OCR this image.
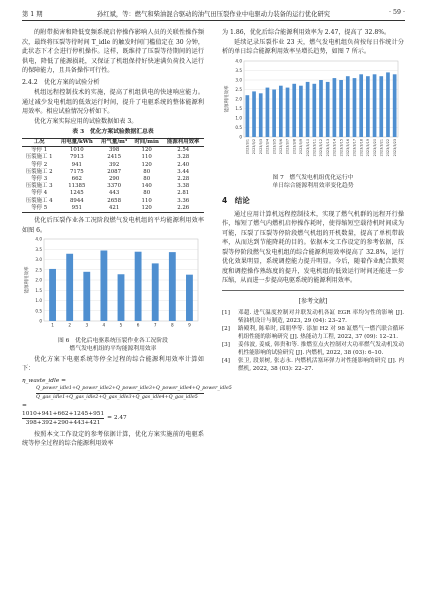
第 1 期	孙红斌，等：燃气和柴油混合驱动的油气田压裂作业中电驱动力装备的运行优化研究	· 59 ·

的附带损害和降低变频系统启停操作影响人员的关联性操作频次，最终将压裂等待时间 T_idle 的触发时间门槛值定在 30 分钟，此状态下才会进行停机操作。这样，既维持了压裂等待期间的运行供电，降低了能源损耗，又保证了机组保持好快速满负荷投入运行的保障能力，且具备操作可行性。

2.4.2　优化方案的试验分析

机组远程控制技术的实施，提高了机组供电的快速响应能力。通过减少发电机组的低效运行时间，提升了电驱系统的整体能源利用效率。相应试验情况分析如下。

优化方案实际应用的试验数据如表 3。

表 3　优化方案试验数据汇总表
工况	用电量/kWh	用气量/m³	时间/min	能源利用效率
等停 1	1010	398	120	2.54
压裂施工 1	7913	2415	110	3.28
等停 2	941	392	120	2.40
压裂施工 2	7175	2087	80	3.44
等停 3	662	290	80	2.28
压裂施工 3	11385	3370	140	3.38
等停 4	1245	443	80	2.81
压裂施工 4	8944	2658	110	3.36
等停 5	951	421	120	2.26

优化后压裂作业各工况阶段燃气发电机组的平均能源利用效率如图 6。

0
0.5
1.0
1.5
2.0
2.5
3.0
3.5
4.0
能源利用效率
1	2	3	4	5	6	7	8	9
图 6　优化后电驱系统压裂作业各工况阶段
燃气发电机组的平均能源利用效率

优化方案下电驱系统等停全过程的综合能源利用效率计算如下：

η_waste_idle =
Q_power_idle1+Q_power_idle2+Q_power_idle3+Q_power_idle4+Q_power_idle5
Q_gas_idle1+Q_gas_idle2+Q_gas_idle3+Q_gas_idle4+Q_gas_idle5
=
$\frac{1010+941+662+1245+951}{398+392+290+443+421} = 2.47$

按照本文工作设定的参考依据计算，优化方案实施前的电驱系统等停全过程的综合能源利用效率

为 1.86，优化后综合能源利用效率为 2.47，提高了 32.8%。

延续记录压裂作业 23 天，燃气发电机组负荷按每日作统计分析的单日综合能源利用效率呈增长趋势，如图 7 所示。

0
0.5
1.0
1.5
2.0
2.5
3.0
3.5
4.0
能源利用效率
2023/3/1 2023/3/2 2023/3/3 2023/3/4 2023/3/5 2023/3/6 2023/3/7 2023/3/8 2023/3/9 2023/3/10 2023/3/11 2023/3/12 2023/3/13 2023/3/14 2023/3/15 2023/3/16 2023/3/17 2023/3/18 2023/3/19 2023/3/20 2023/3/21 2023/3/22 2023/3/23
图 7　燃气发电机组优化运行中
单日综合能源利用效率变化趋势
4　结论

通过应用计算机远程控制技术，实现了燃气机群的远程开行操作，缩短了燃气内燃机启停操作耗时，使得缩短空载待机时间成为可能，压裂了压裂等停阶段燃气机组的开机数量，提高了单机带载率，从而达到节能降耗的目的。依据本文工作设定的参考依据，压裂等停阶段燃气发电机组的综合能源利用效率提高了 32.8%，运行优化效果明显，系统调控能力提升明显。今后，随着作业配合默契度和调控操作熟练度的提升，发电机组的低效运行时间还能进一步压缩，从而进一步提高电驱系统的能源利用效率。

[参考文献]
[1]	邓超. 进气温度控制对并联发动机各缸 EGR 率均匀性的影响 [J]. 柴油机设计与制造, 2023, 29 (04): 23–27.
[2]	路殿利, 陈希时, 邱朋华等. 添加 H2 对 98 缸燃气一燃汽联合循环机组性能的影响研究 [J]. 热能动力工程, 2022, 37 (09): 12–21.
[3]	姜伟波, 姜威, 韩贵和等. 推燃室点火控制对大功率燃气发动机发动机性能影响的试验研究 [J]. 内燃机, 2022, 38 (03): 6–10.
[4]	张卫, 段景树, 张志永. 内燃机活塞环弹力对性能影响的研究 [J]. 内燃机, 2022, 38 (03): 22–27.
